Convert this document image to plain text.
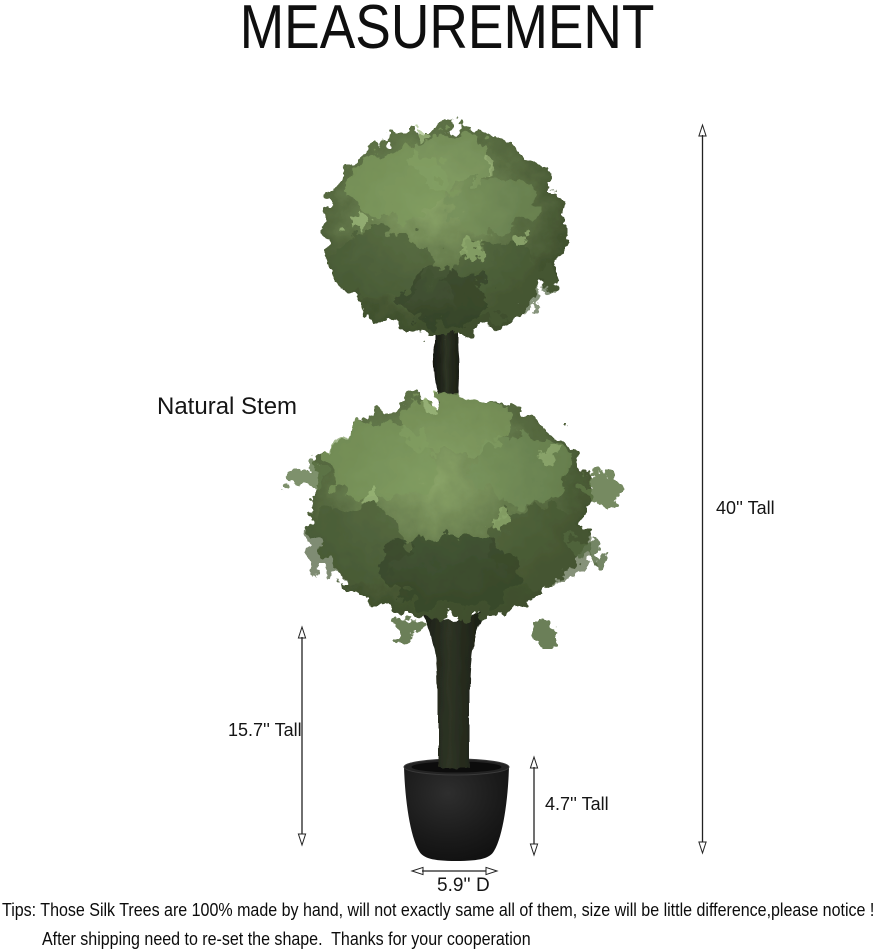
MEASUREMENT
Natural Stem
40'' Tall
15.7'' Tall
4.7'' Tall
5.9'' D
Tips: Those Silk Trees are 100% made by hand, will not exactly same all of them, size will be little difference,please notice !
After shipping need to re-set the shape.  Thanks for your cooperation
